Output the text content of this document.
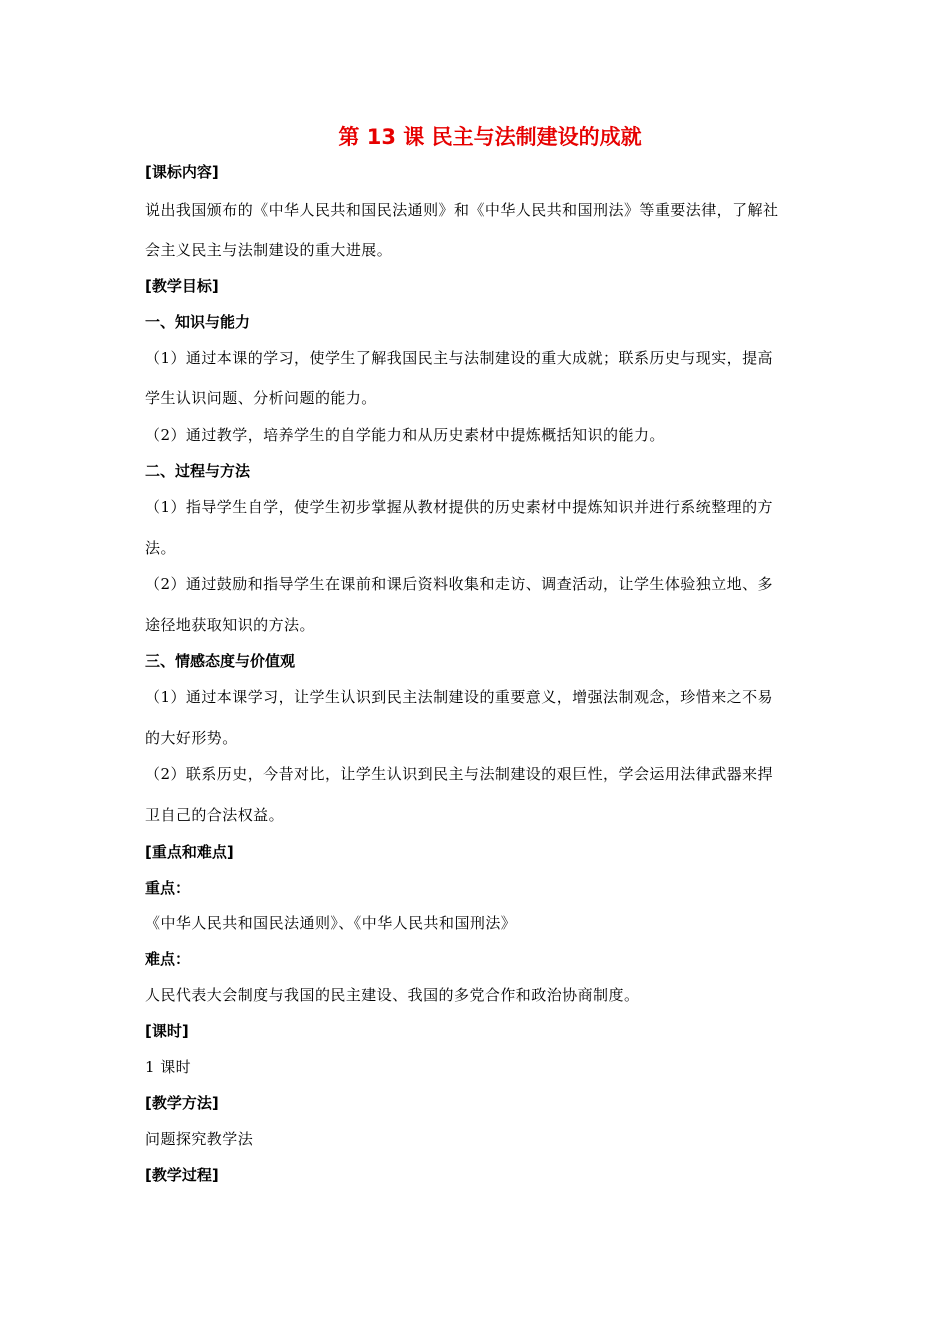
第 13 课 民主与法制建设的成就
[课标内容]
说出我国颁布的《中华人民共和国民法通则》和《中华人民共和国刑法》等重要法律，了解社
会主义民主与法制建设的重大进展。
[教学目标]
一、知识与能力
（1）通过本课的学习，使学生了解我国民主与法制建设的重大成就；联系历史与现实，提高
学生认识问题、分析问题的能力。
（2）通过教学，培养学生的自学能力和从历史素材中提炼概括知识的能力。
二、过程与方法
（1）指导学生自学，使学生初步掌握从教材提供的历史素材中提炼知识并进行系统整理的方
法。
（2）通过鼓励和指导学生在课前和课后资料收集和走访、调查活动，让学生体验独立地、多
途径地获取知识的方法。
三、情感态度与价值观
（1）通过本课学习，让学生认识到民主法制建设的重要意义，增强法制观念，珍惜来之不易
的大好形势。
（2）联系历史，今昔对比，让学生认识到民主与法制建设的艰巨性，学会运用法律武器来捍
卫自己的合法权益。
[重点和难点]
重点：
《中华人民共和国民法通则》、《中华人民共和国刑法》
难点：
人民代表大会制度与我国的民主建设、我国的多党合作和政治协商制度。
[课时]
1 课时
[教学方法]
问题探究教学法
[教学过程]
